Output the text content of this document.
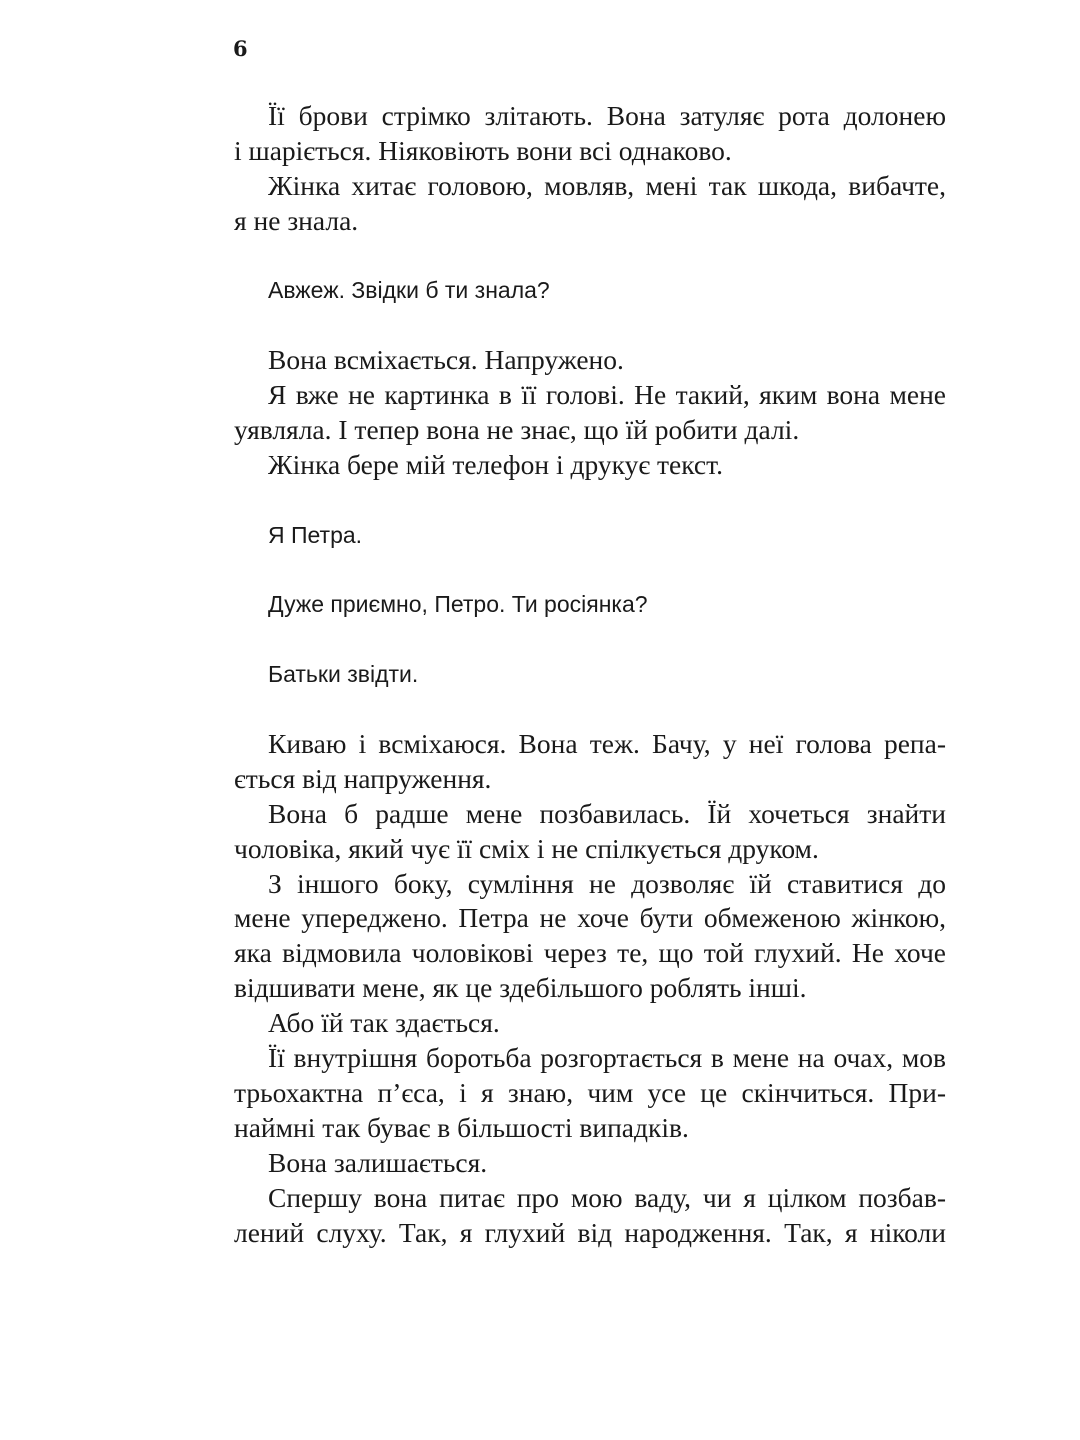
6
Її брови стрімко злітають. Вона затуляє рота долонею
і шаріється. Ніяковіють вони всі однаково.
Жінка хитає головою, мовляв, мені так шкода, вибачте,
я не знала.
Авжеж. Звідки б ти знала?
Вона всміхається. Напружено.
Я вже не картинка в її голові. Не такий, яким вона мене
уявляла. І тепер вона не знає, що їй робити далі.
Жінка бере мій телефон і друкує текст.
Я Петра.
Дуже приємно, Петро. Ти росіянка?
Батьки звідти.
Киваю і всміхаюся. Вона теж. Бачу, у неї голова репа-
ється від напруження.
Вона б радше мене позбавилась. Їй хочеться знайти
чоловіка, який чує її сміх і не спілкується друком.
З іншого боку, сумління не дозволяє їй ставитися до
мене упереджено. Петра не хоче бути обмеженою жінкою,
яка відмовила чоловікові через те, що той глухий. Не хоче
відшивати мене, як це здебільшого роблять інші.
Або їй так здається.
Її внутрішня боротьба розгортається в мене на очах, мов
трьохактна п’єса, і я знаю, чим усе це скінчиться. При-
наймні так буває в більшості випадків.
Вона залишається.
Спершу вона питає про мою ваду, чи я цілком позбав-
лений слуху. Так, я глухий від народження. Так, я ніколи
